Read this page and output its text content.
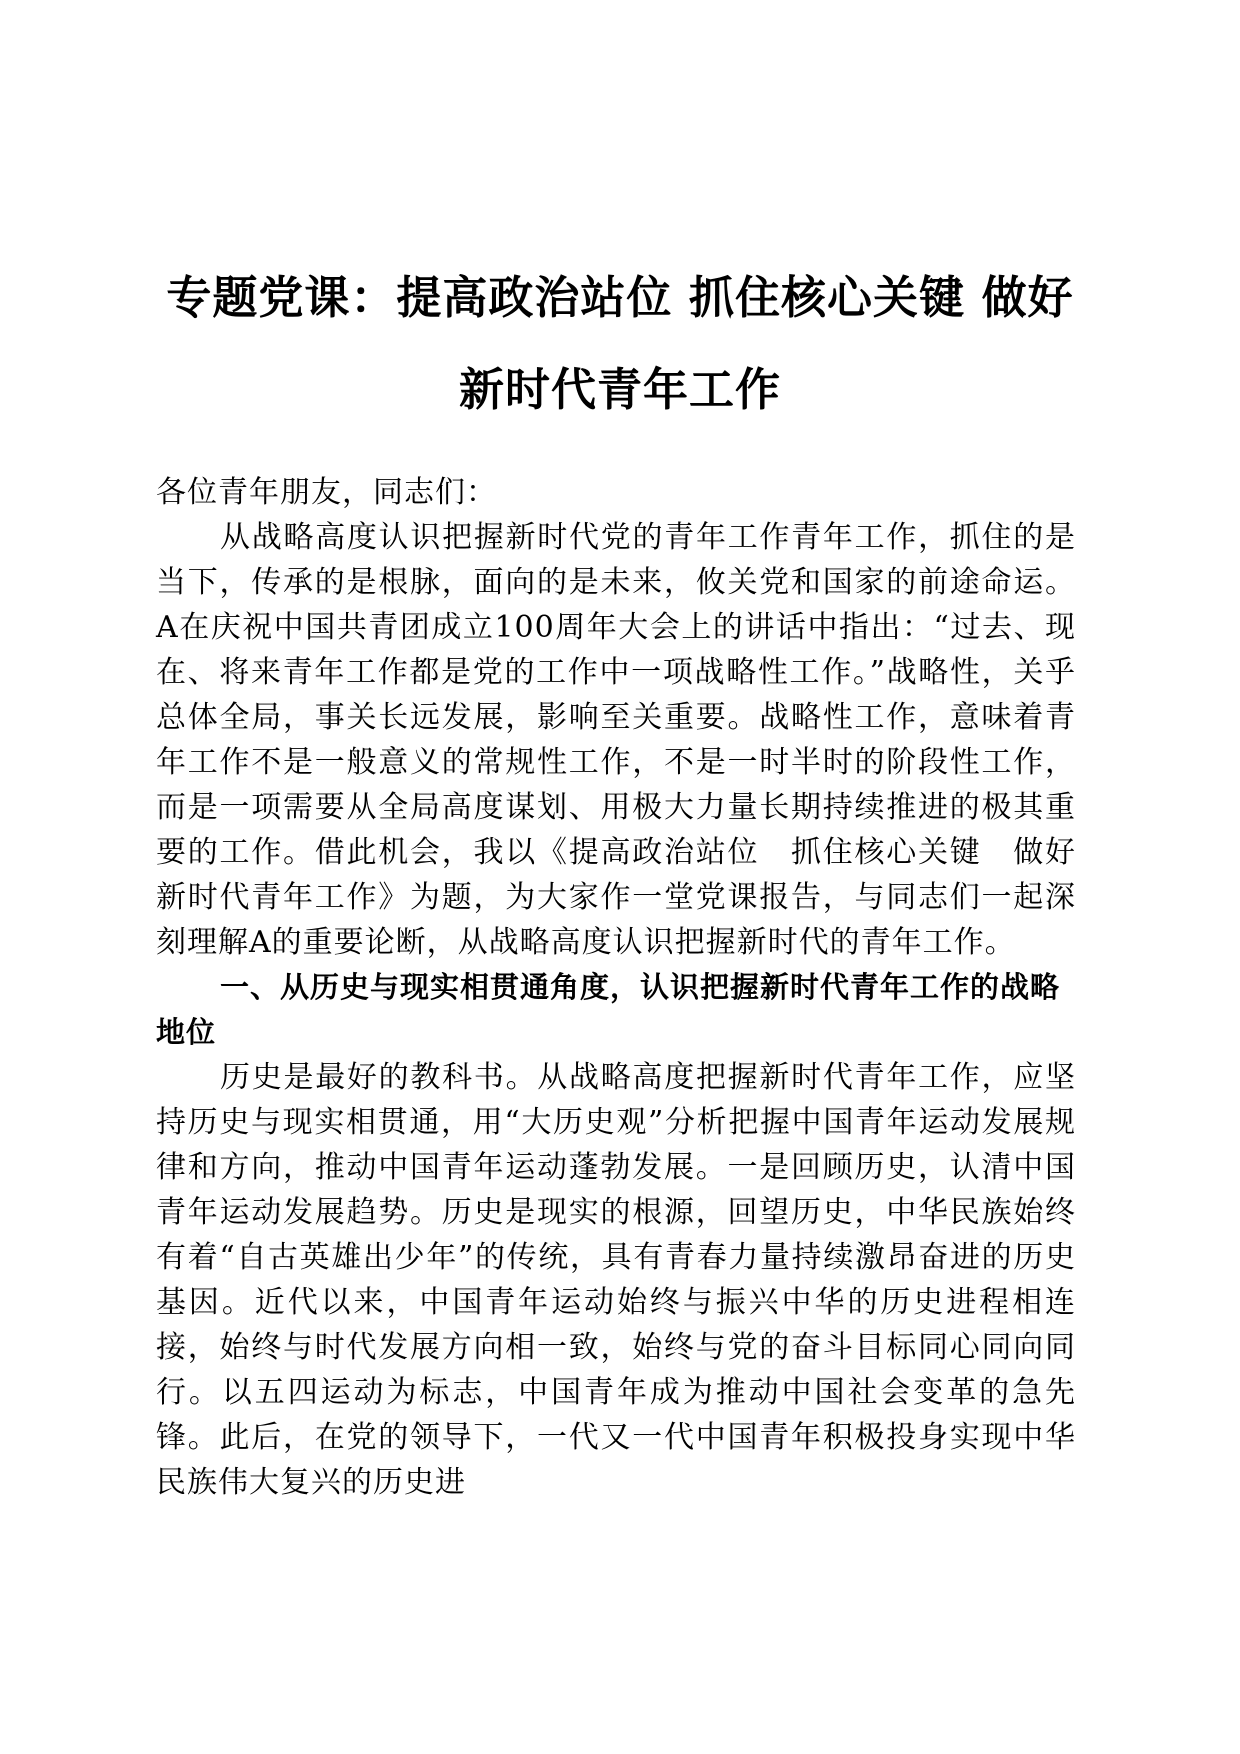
专题党课：提高政治站位 抓住核心关键 做好
新时代青年工作

各位青年朋友，同志们：

从战略高度认识把握新时代党的青年工作青年工作，抓住的是当下，传承的是根脉，面向的是未来，攸关党和国家的前途命运。A在庆祝中国共青团成立100周年大会上的讲话中指出：“过去、现在、将来青年工作都是党的工作中一项战略性工作。”战略性，关乎总体全局，事关长远发展，影响至关重要。战略性工作，意味着青年工作不是一般意义的常规性工作，不是一时半时的阶段性工作，而是一项需要从全局高度谋划、用极大力量长期持续推进的极其重要的工作。借此机会，我以《提高政治站位　抓住核心关键　做好新时代青年工作》为题，为大家作一堂党课报告，与同志们一起深刻理解A的重要论断，从战略高度认识把握新时代的青年工作。

一、从历史与现实相贯通角度，认识把握新时代青年工作的战略地位

历史是最好的教科书。从战略高度把握新时代青年工作，应坚持历史与现实相贯通，用“大历史观”分析把握中国青年运动发展规律和方向，推动中国青年运动蓬勃发展。一是回顾历史，认清中国青年运动发展趋势。历史是现实的根源，回望历史，中华民族始终有着“自古英雄出少年”的传统，具有青春力量持续激昂奋进的历史基因。近代以来，中国青年运动始终与振兴中华的历史进程相连接，始终与时代发展方向相一致，始终与党的奋斗目标同心同向同行。以五四运动为标志，中国青年成为推动中国社会变革的急先锋。此后，在党的领导下，一代又一代中国青年积极投身实现中华民族伟大复兴的历史进
